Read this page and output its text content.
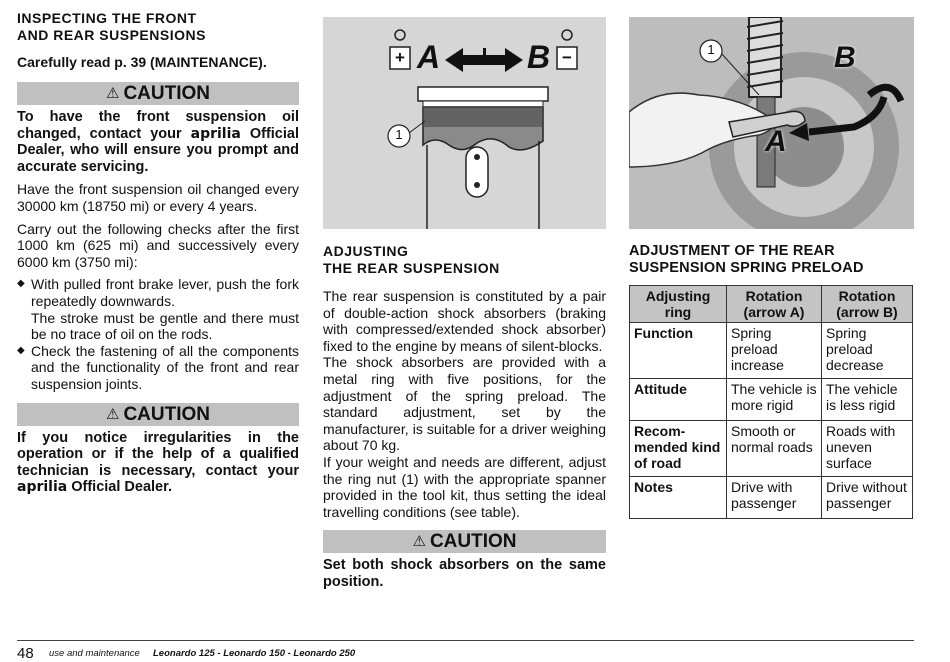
INSPECTING THE FRONT
AND REAR SUSPENSIONS
Carefully read p. 39 (MAINTENANCE).
⚠ CAUTION
To have the front suspension oil changed, contact your aprilia Official Dealer, who will ensure you prompt and accurate servicing.

Have the front suspension oil changed every 30000 km (18750 mi) or every 4 years.

Carry out the following checks after the first 1000 km (625 mi) and successively every 6000 km (3750 mi):

◆ With pulled front brake lever, push the fork repeatedly downwards.
The stroke must be gentle and there must be no trace of oil on the rods.
◆ Check the fastening of all the components and the functionality of the front and rear suspension joints.
⚠ CAUTION
If you notice irregularities in the operation or if the help of a qualified technician is necessary, contact your aprilia Official Dealer.
+	−
A	B
1
ADJUSTING
THE REAR SUSPENSION

The rear suspension is constituted by a pair of double-action shock absorbers (braking with compressed/extended shock absorber) fixed to the engine by means of silent-blocks.

The shock absorbers are provided with a metal ring with five positions, for the adjustment of the spring preload. The standard adjustment, set by the manufacturer, is suitable for a driver weighing about 70 kg.

If your weight and needs are different, adjust the ring nut (1) with the appropriate spanner provided in the tool kit, thus setting the ideal travelling conditions (see table).

⚠ CAUTION
Set both shock absorbers on the same position.
1
A
B
ADJUSTMENT OF THE REAR
SUSPENSION SPRING PRELOAD
Adjusting ring	Rotation (arrow A)	Rotation (arrow B)
Function	Spring preload increase	Spring preload decrease
Attitude	The vehicle is more rigid	The vehicle is less rigid
Recom-mended kind of road	Smooth or normal roads	Roads with uneven surface
Notes	Drive with passenger	Drive without passenger
48 use and maintenance Leonardo 125 - Leonardo 150 - Leonardo 250
